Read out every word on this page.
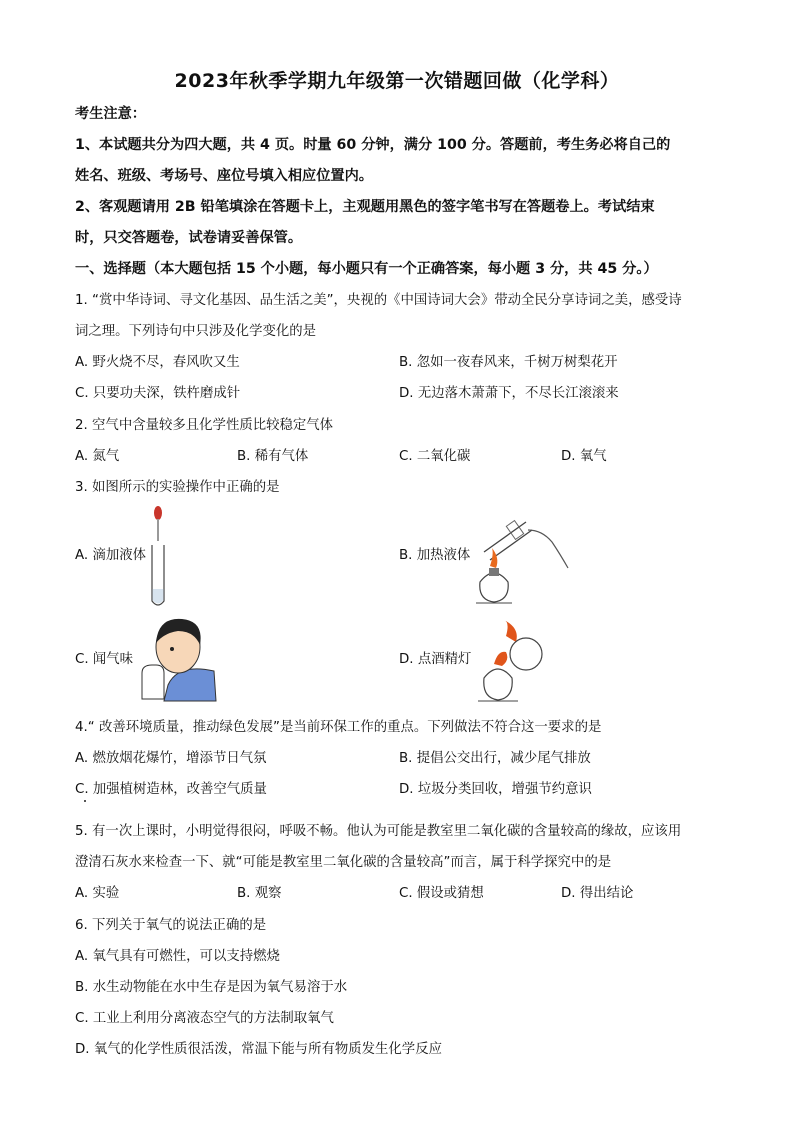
2023年秋季学期九年级第一次错题回做（化学科）
考生注意：
1、本试题共分为四大题，共 4 页。时量 60 分钟，满分 100 分。答题前，考生务必将自己的
姓名、班级、考场号、座位号填入相应位置内。
2、客观题请用 2B 铅笔填涂在答题卡上，主观题用黑色的签字笔书写在答题卷上。考试结束
时，只交答题卷，试卷请妥善保管。
一、选择题（本大题包括 15 个小题，每小题只有一个正确答案，每小题 3 分，共 45 分。）
1. “赏中华诗词、寻文化基因、品生活之美”，央视的《中国诗词大会》带动全民分享诗词之美，感受诗
词之理。下列诗句中只涉及化学变化的是
A. 野火烧不尽，春风吹又生	B. 忽如一夜春风来，千树万树梨花开
C. 只要功夫深，铁杵磨成针	D. 无边落木萧萧下，不尽长江滚滚来
2. 空气中含量较多且化学性质比较稳定气体
A. 氮气	B. 稀有气体	C. 二氧化碳	D. 氧气
3. 如图所示的实验操作中正确的是
A. 滴加液体	B. 加热液体
C. 闻气味	D. 点酒精灯
4.“ 改善环境质量，推动绿色发展”是当前环保工作的重点。下列做法不符合这一要求的是
A. 燃放烟花爆竹，增添节日气氛	B. 提倡公交出行，减少尾气排放
C. 加强植树造林，改善空气质量	D. 垃圾分类回收，增强节约意识
5. 有一次上课时，小明觉得很闷，呼吸不畅。他认为可能是教室里二氧化碳的含量较高的缘故，应该用
澄清石灰水来检查一下、就“可能是教室里二氧化碳的含量较高”而言，属于科学探究中的是
A. 实验	B. 观察	C. 假设或猜想	D. 得出结论
6. 下列关于氧气的说法正确的是
A. 氧气具有可燃性，可以支持燃烧
B. 水生动物能在水中生存是因为氧气易溶于水
C. 工业上利用分离液态空气的方法制取氧气
D. 氧气的化学性质很活泼，常温下能与所有物质发生化学反应
